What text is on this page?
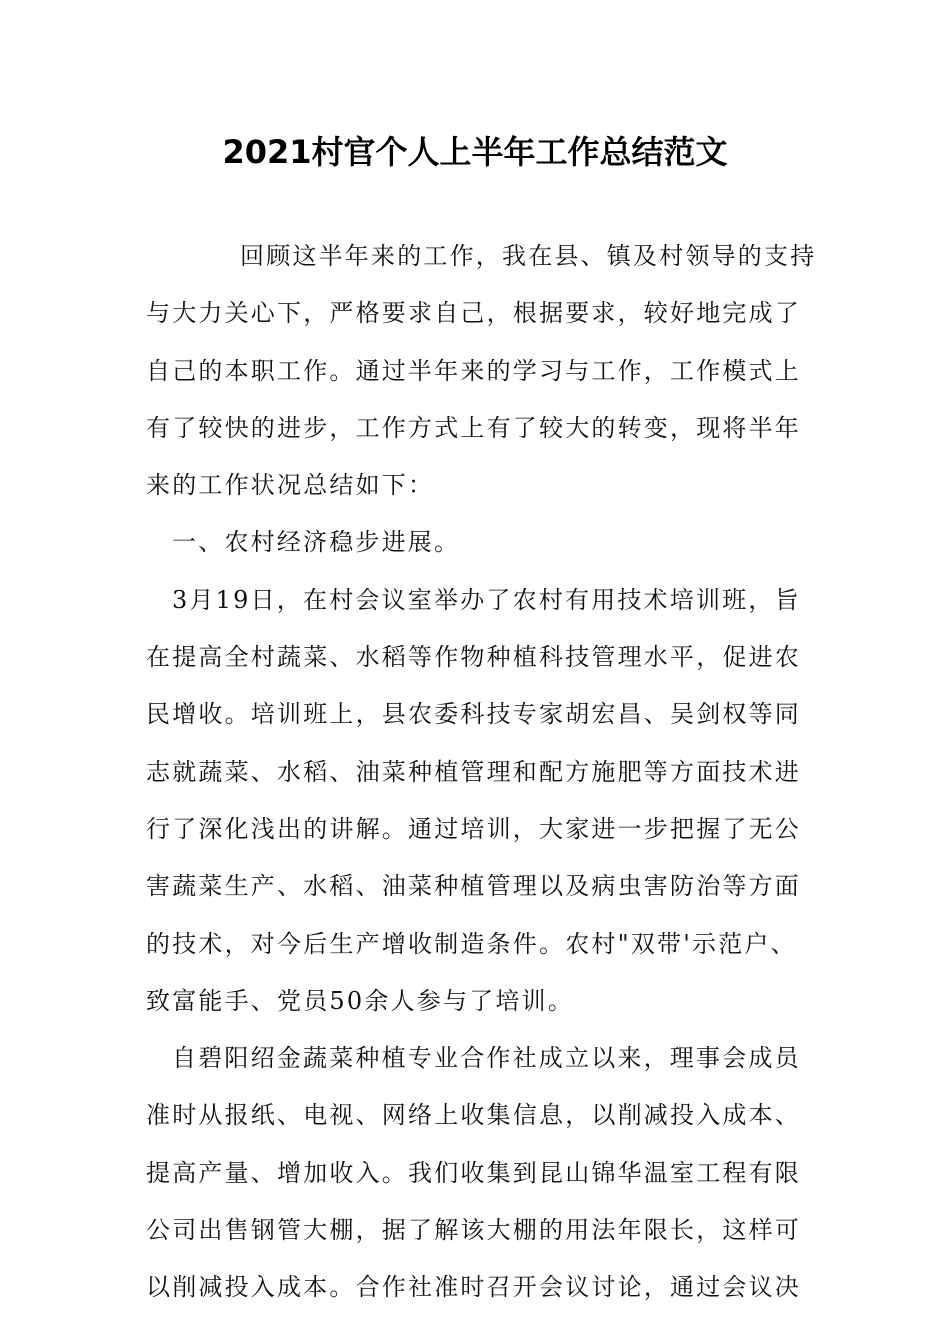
2021村官个人上半年工作总结范文
回顾这半年来的工作，我在县、镇及村领导的支持
与大力关心下，严格要求自己，根据要求，较好地完成了
自己的本职工作。通过半年来的学习与工作，工作模式上
有了较快的进步，工作方式上有了较大的转变，现将半年
来的工作状况总结如下：
一、农村经济稳步进展。
3月19日，在村会议室举办了农村有用技术培训班，旨
在提高全村蔬菜、水稻等作物种植科技管理水平，促进农
民增收。培训班上，县农委科技专家胡宏昌、吴剑权等同
志就蔬菜、水稻、油菜种植管理和配方施肥等方面技术进
行了深化浅出的讲解。通过培训，大家进一步把握了无公
害蔬菜生产、水稻、油菜种植管理以及病虫害防治等方面
的技术，对今后生产增收制造条件。农村"双带'示范户、
致富能手、党员50余人参与了培训。
自碧阳绍金蔬菜种植专业合作社成立以来，理事会成员
准时从报纸、电视、网络上收集信息，以削减投入成本、
提高产量、增加收入。我们收集到昆山锦华温室工程有限
公司出售钢管大棚，据了解该大棚的用法年限长，这样可
以削减投入成本。合作社准时召开会议讨论，通过会议决
